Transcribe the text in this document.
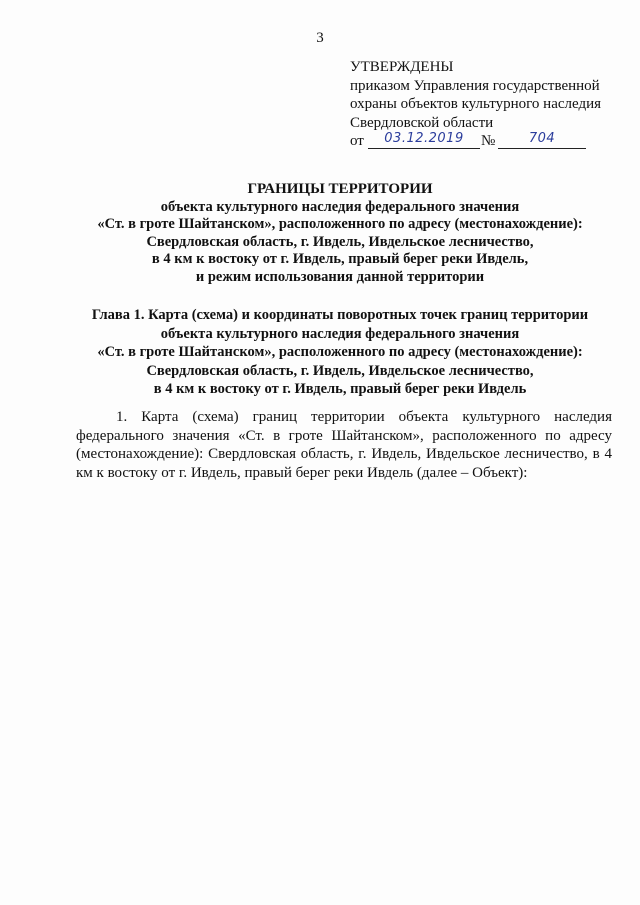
3
УТВЕРЖДЕНЫ
приказом Управления государственной
охраны объектов культурного наследия
Свердловской области
от	03.12.2019	№	704
ГРАНИЦЫ ТЕРРИТОРИИ
объекта культурного наследия федерального значения
«Ст. в гроте Шайтанском», расположенного по адресу (местонахождение):
Свердловская область, г. Ивдель, Ивдельское лесничество,
в 4 км к востоку от г. Ивдель, правый берег реки Ивдель,
и режим использования данной территории
Глава 1. Карта (схема) и координаты поворотных точек границ территории
объекта культурного наследия федерального значения
«Ст. в гроте Шайтанском», расположенного по адресу (местонахождение):
Свердловская область, г. Ивдель, Ивдельское лесничество,
в 4 км к востоку от г. Ивдель, правый берег реки Ивдель
1. Карта (схема) границ территории объекта культурного наследия федерального значения «Ст. в гроте Шайтанском», расположенного по адресу (местонахождение): Свердловская область, г. Ивдель, Ивдельское лесничество, в 4 км к востоку от г. Ивдель, правый берег реки Ивдель (далее – Объект):
